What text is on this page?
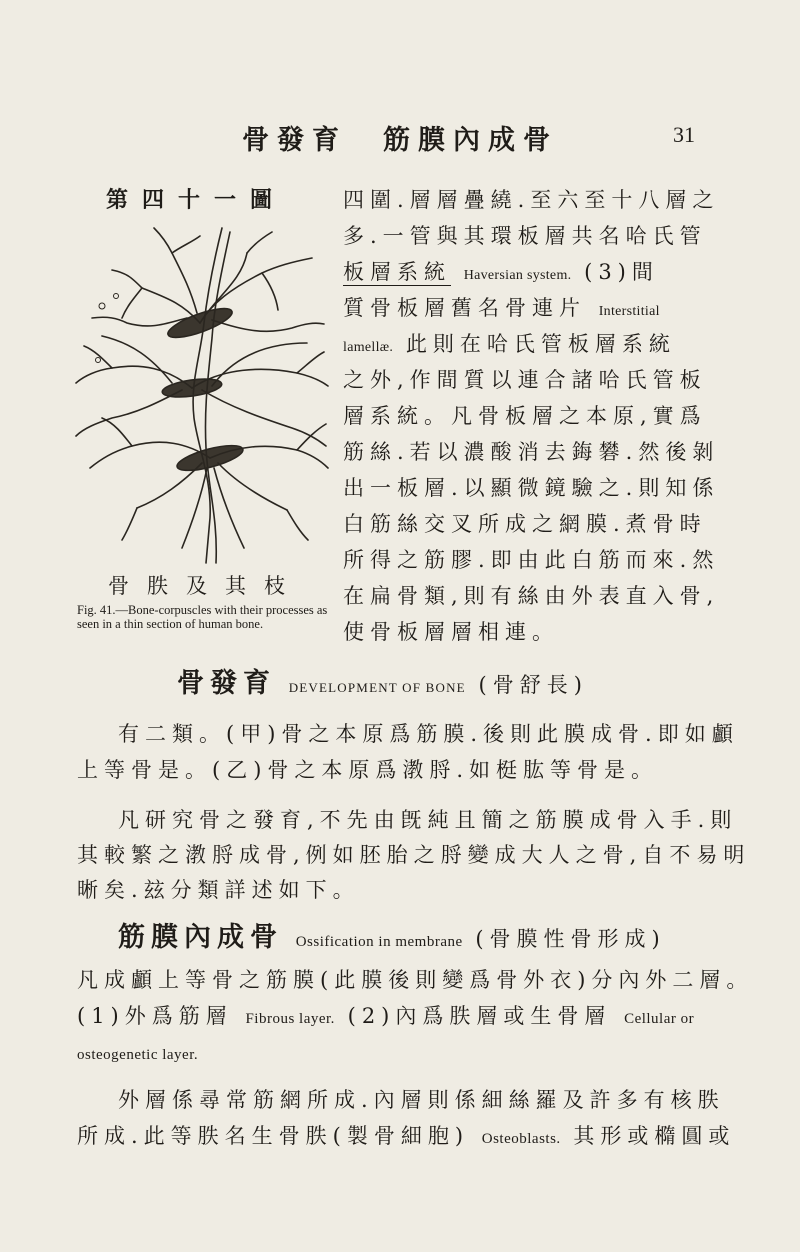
骨發育 筋膜內成骨	31
第四十一圖
骨胅及其枝
Fig. 41.—Bone-corpuscles with their processes as seen in a thin section of human bone.
四圍.層層疊繞.至六至十八層之
多.一管與其環板層共名哈氏管
板層系統 Haversian system. (3)間
質骨板層舊名骨連片 Interstitial
lamellæ. 此則在哈氏管板層系統
之外,作間質以連合諸哈氏管板
層系統。凡骨板層之本原,實爲
筋絲.若以濃酸消去鋂礬.然後剝
出一板層.以顯微鏡驗之.則知係
白筋絲交叉所成之網膜.煮骨時
所得之筋膠.即由此白筋而來.然
在扁骨類,則有絲由外表直入骨,
使骨板層層相連。
骨發育 DEVELOPMENT OF BONE (骨舒長)
有二類。(甲)骨之本原爲筋膜.後則此膜成骨.即如顱
上等骨是。(乙)骨之本原爲漖脟.如梃肱等骨是。
凡研究骨之發育,不先由旣純且簡之筋膜成骨入手.則
其較繁之漖脟成骨,例如胚胎之脟變成大人之骨,自不易明
晰矣.玆分類詳述如下。
筋膜內成骨 Ossification in membrane (骨膜性骨形成)
凡成顱上等骨之筋膜(此膜後則變爲骨外衣)分內外二層。
(1)外爲筋層 Fibrous layer. (2)內爲胅層或生骨層 Cellular or
osteogenetic layer.
外層係尋常筋網所成.內層則係細絲羅及許多有核胅
所成.此等胅名生骨胅(製骨細胞) Osteoblasts. 其形或橢圓或
